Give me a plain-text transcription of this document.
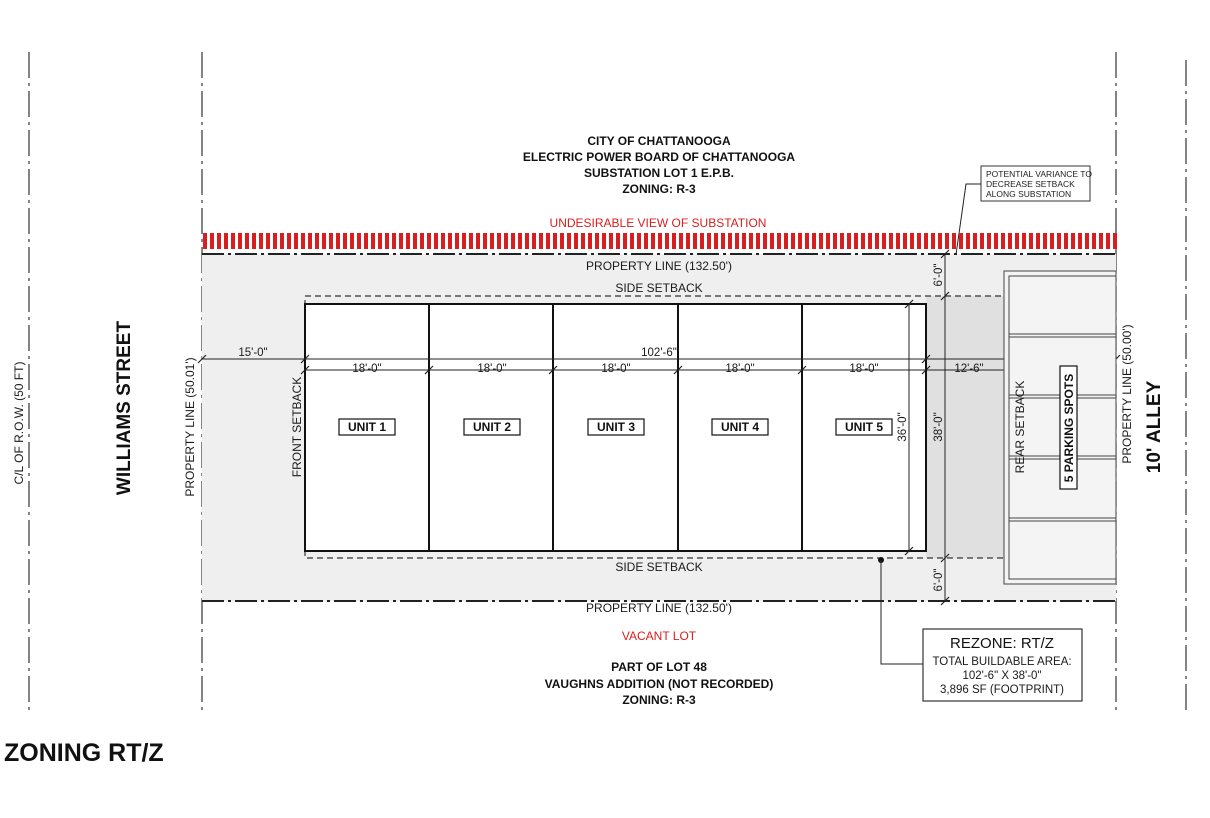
CITY OF CHATTANOOGA
ELECTRIC POWER BOARD OF CHATTANOOGA
SUBSTATION LOT 1 E.P.B.
ZONING: R-3
POTENTIAL VARIANCE TO
DECREASE SETBACK
ALONG SUBSTATION
UNDESIRABLE VIEW OF SUBSTATION
PROPERTY LINE (132.50')
SIDE SETBACK
SIDE SETBACK
PROPERTY LINE (132.50')
UNIT 1	UNIT 2	UNIT 3	UNIT 4	UNIT 5
15'-0"	102'-6"
18'-0"	18'-0"	18'-0"	18'-0"	18'-0"	12'-6"
36'-0" 38'-0"
6'-0"
6'-0"
5 PARKING SPOTS
FRONT SETBACK	REAR SETBACK
PROPERTY LINE (50.01')	PROPERTY LINE (50.00')
C/L OF R.O.W. (50 FT)	WILLIAMS STREET	10' ALLEY
VACANT LOT
PART OF LOT 48
VAUGHNS ADDITION (NOT RECORDED)
ZONING: R-3
REZONE: RT/Z
TOTAL BUILDABLE AREA:
102'-6" X 38'-0"
3,896 SF (FOOTPRINT)
ZONING RT/Z
